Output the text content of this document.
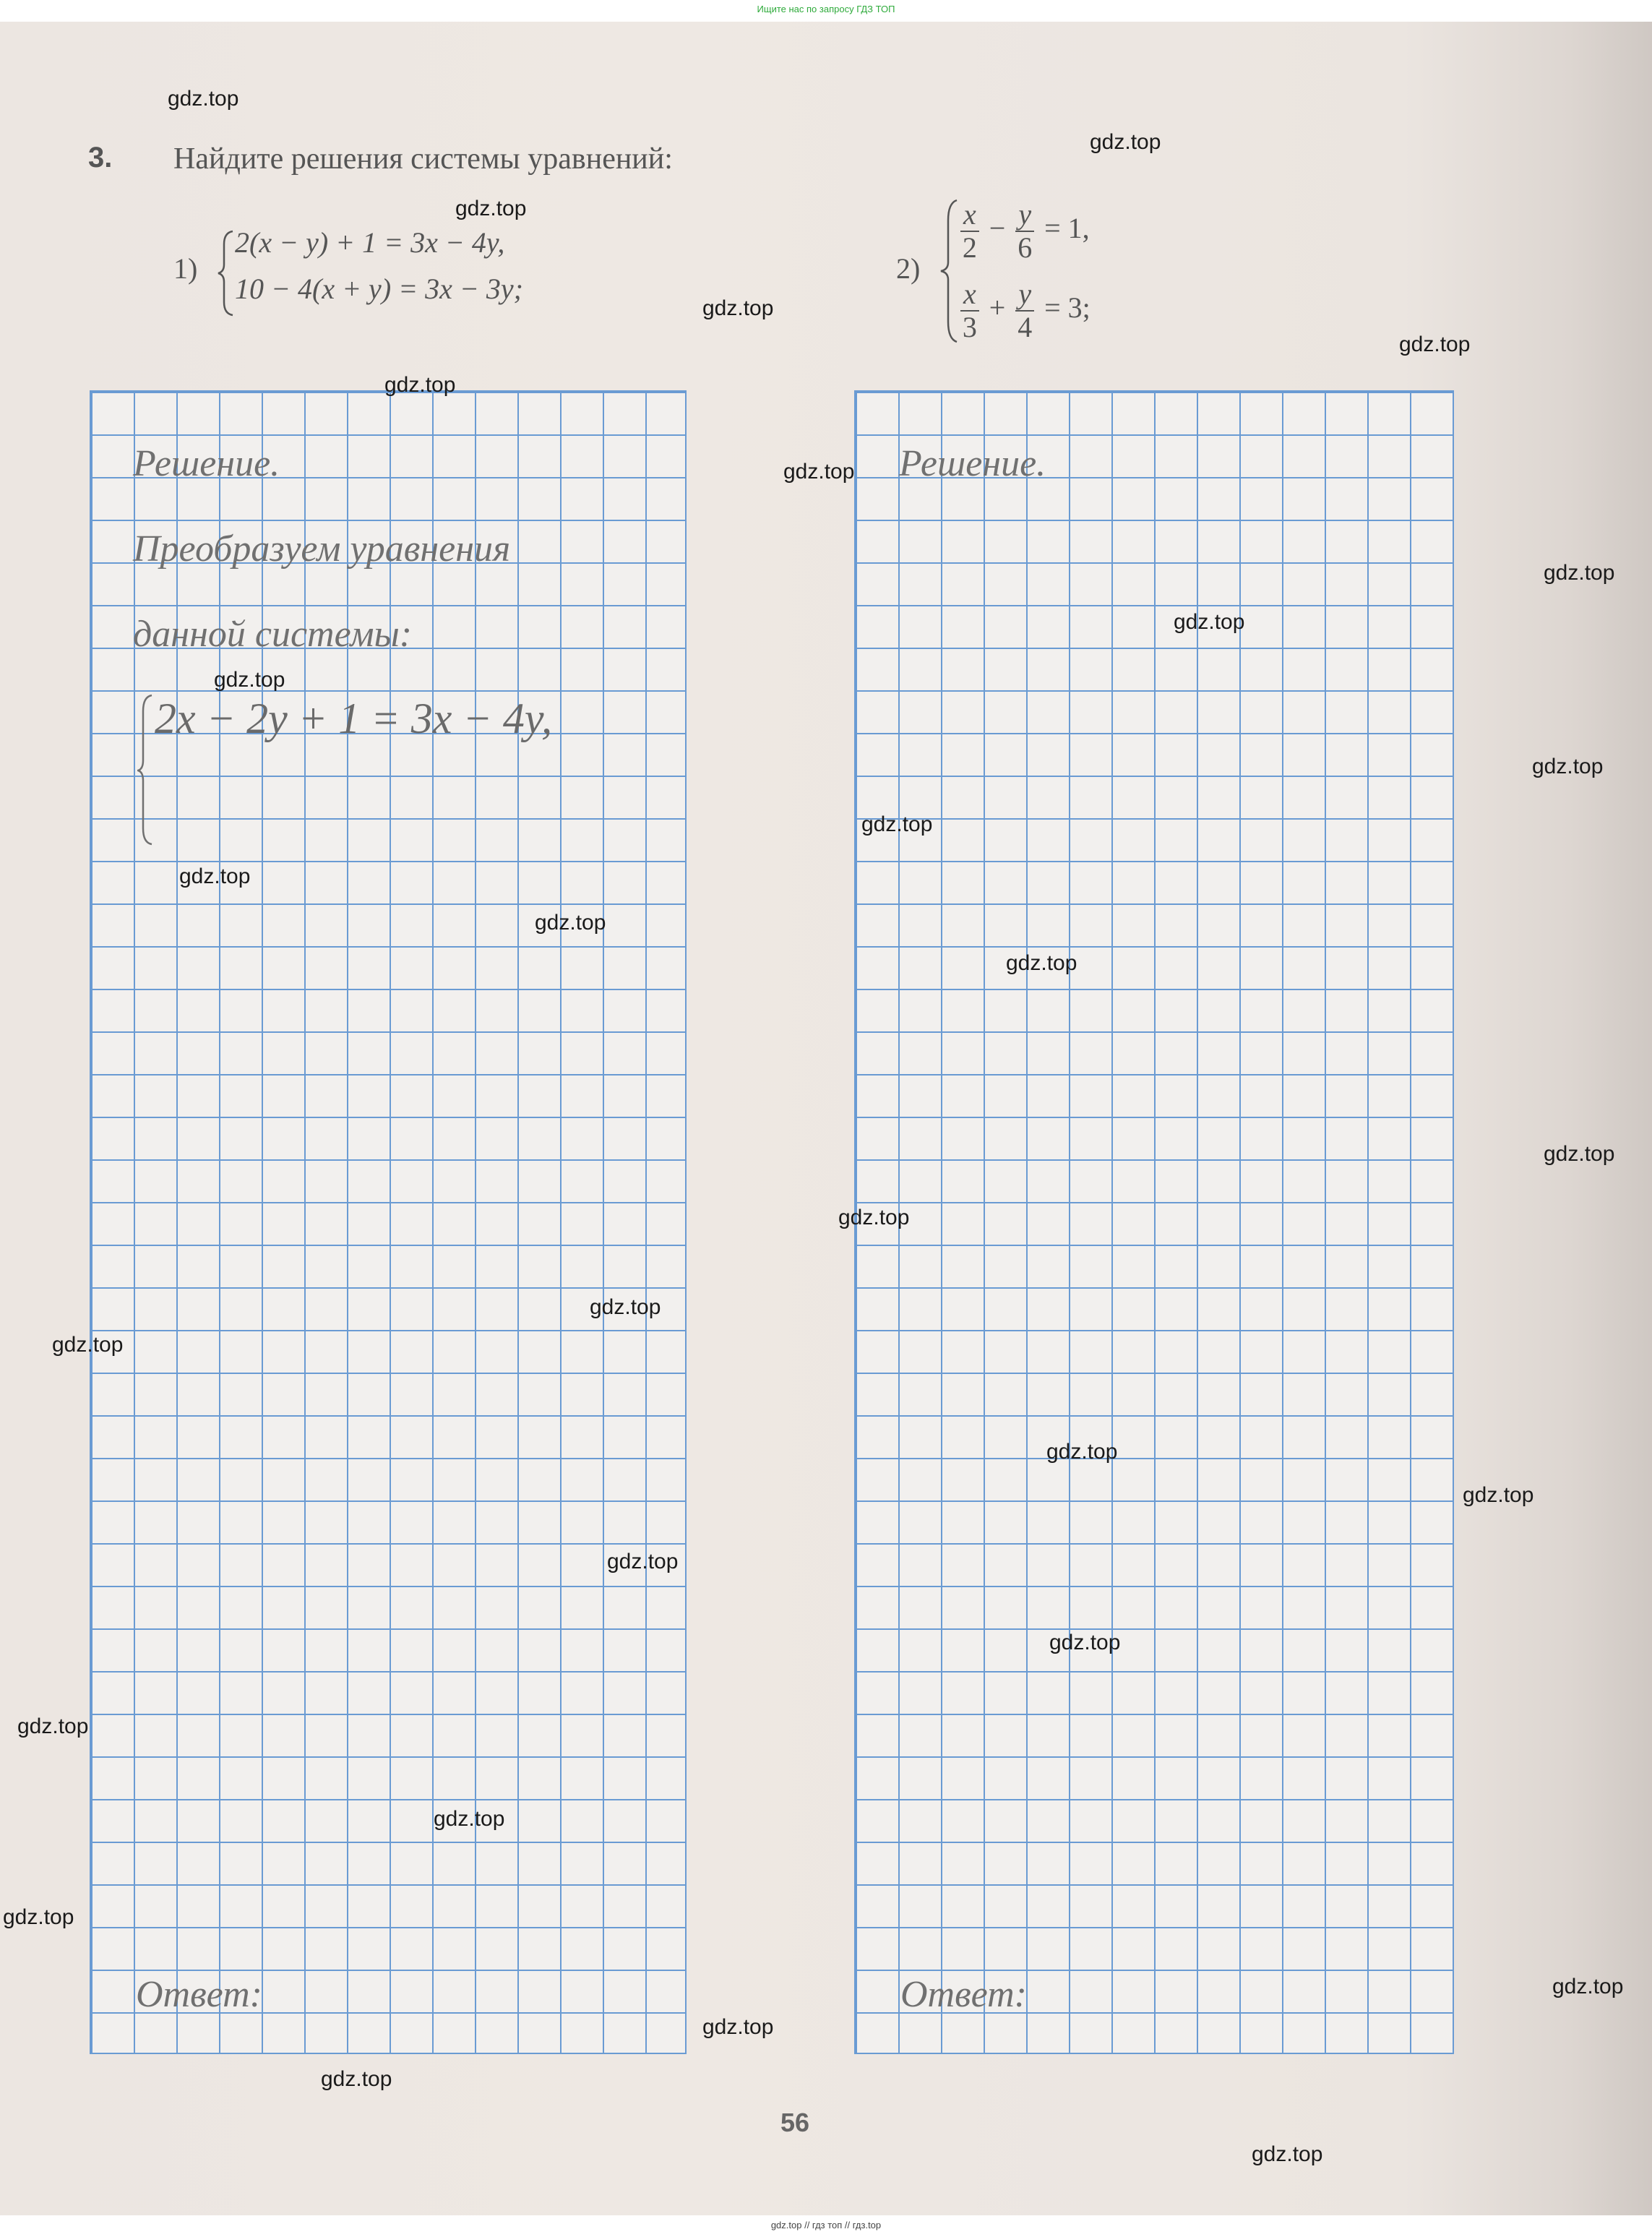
Ищите нас по запросу ГДЗ ТОП
3. Найдите решения системы уравнений:
1)
2(x − y) + 1 = 3x − 4y,
10 − 4(x + y) = 3x − 3y;
2)
$\frac{x}{2} - \frac{y}{6} = 1$,
$\frac{x}{3} + \frac{y}{4} = 3$;
Решение.
Преобразуем уравнения
данной системы:
2x − 2y + 1 = 3x − 4y,
Ответ:
Решение.
Ответ:
56
gdz.top
gdz.top
gdz.top
gdz.top
gdz.top
gdz.top
gdz.top
gdz.top
gdz.top
gdz.top
gdz.top
gdz.top
gdz.top
gdz.top
gdz.top
gdz.top
gdz.top
gdz.top
gdz.top
gdz.top
gdz.top
gdz.top
gdz.top
gdz.top
gdz.top
gdz.top
gdz.top
gdz.top
gdz.top
gdz.top
gdz.top // гдз топ // гдз.top
